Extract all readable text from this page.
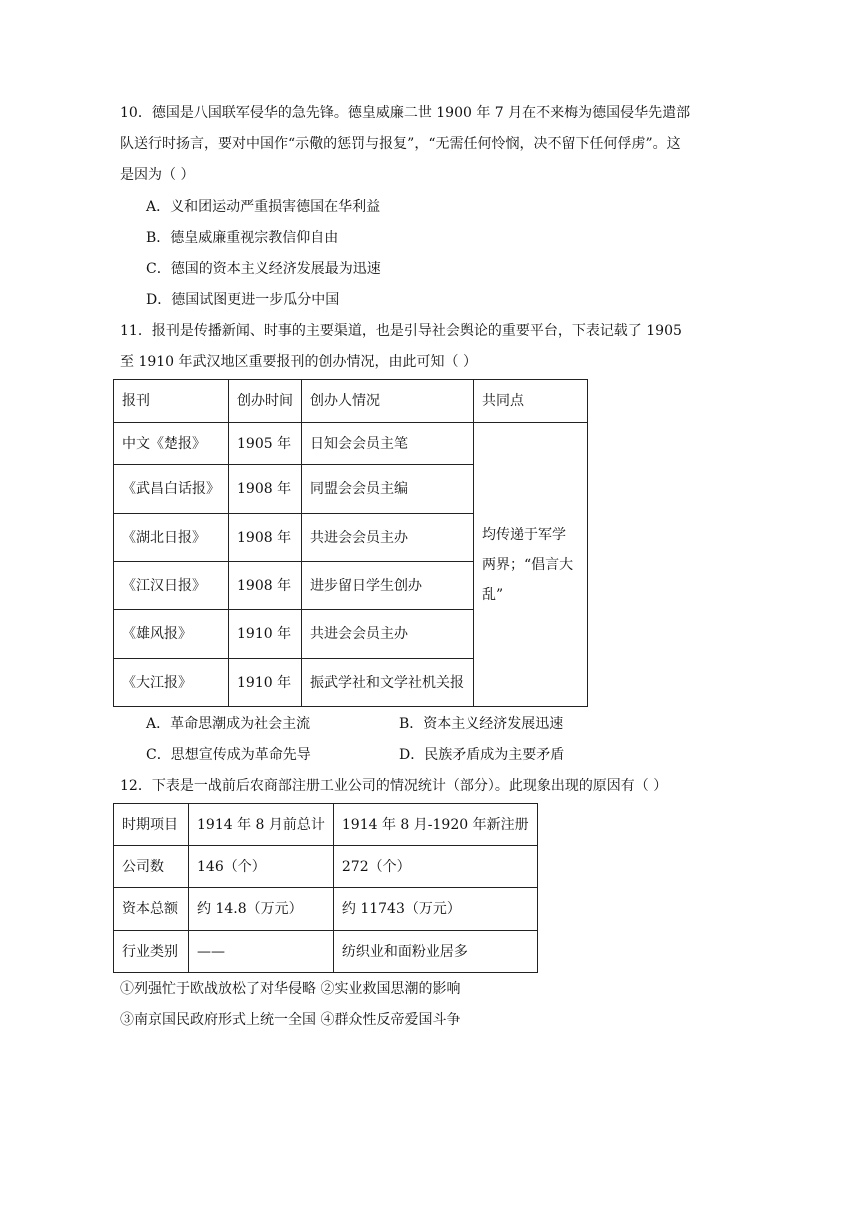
10．德国是八国联军侵华的急先锋。德皇威廉二世 1900 年 7 月在不来梅为德国侵华先遣部
队送行时扬言，要对中国作“示儆的惩罚与报复”，“无需任何怜悯，决不留下任何俘虏”。这
是因为（ ）
A．义和团运动严重损害德国在华利益
B．德皇威廉重视宗教信仰自由
C．德国的资本主义经济发展最为迅速
D．德国试图更进一步瓜分中国
11．报刊是传播新闻、时事的主要渠道，也是引导社会舆论的重要平台，下表记载了 1905
至 1910 年武汉地区重要报刊的创办情况，由此可知（ ）
报刊	创办时间	创办人情况	共同点
中文《楚报》	1905 年	日知会会员主笔	均传递于军学两界；“倡言大乱”
《武昌白话报》	1908 年	同盟会会员主编	
《湖北日报》	1908 年	共进会会员主办	
《江汉日报》	1908 年	进步留日学生创办	
《雄风报》	1910 年	共进会会员主办	
《大江报》	1910 年	振武学社和文学社机关报	
A．革命思潮成为社会主流	B．资本主义经济发展迅速
C．思想宣传成为革命先导	D．民族矛盾成为主要矛盾
12．下表是一战前后农商部注册工业公司的情况统计（部分）。此现象出现的原因有（ ）
时期项目	1914 年 8 月前总计	1914 年 8 月-1920 年新注册
公司数	146（个）	272（个）
资本总额	约 14.8（万元）	约 11743（万元）
行业类别	——	纺织业和面粉业居多
①列强忙于欧战放松了对华侵略 ②实业救国思潮的影响
③南京国民政府形式上统一全国 ④群众性反帝爱国斗争
